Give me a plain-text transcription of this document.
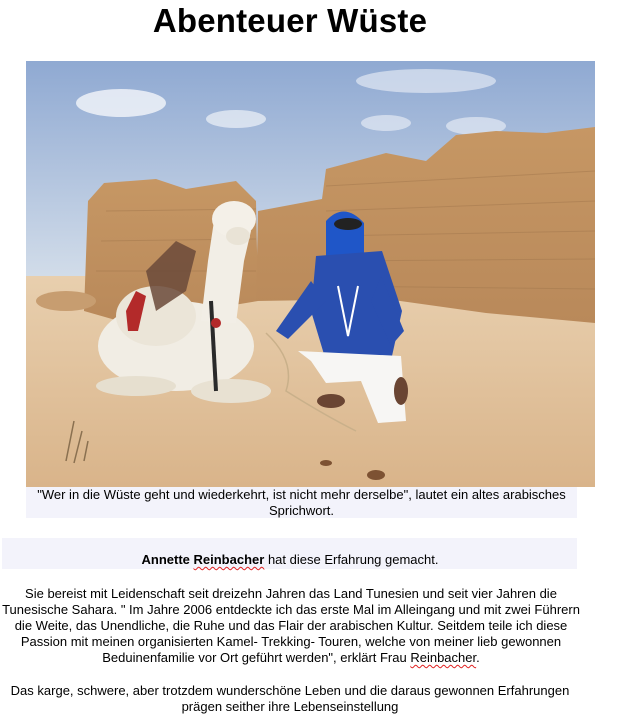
Abenteuer Wüste
"Wer in die Wüste geht und wiederkehrt, ist nicht mehr derselbe", lautet ein altes arabisches Sprichwort.
Annette Reinbacher hat diese Erfahrung gemacht.
Sie bereist mit Leidenschaft seit dreizehn Jahren das Land Tunesien und seit vier Jahren die Tunesische Sahara. " Im Jahre 2006 entdeckte ich das erste Mal im Alleingang und mit zwei Führern die Weite, das Unendliche, die Ruhe und das Flair der arabischen Kultur. Seitdem teile ich diese Passion mit meinen organisierten Kamel- Trekking- Touren, welche von meiner lieb gewonnen Beduinenfamilie vor Ort geführt werden", erklärt Frau Reinbacher.
Das karge, schwere, aber trotzdem wunderschöne Leben und die daraus gewonnen Erfahrungen prägen seither ihre Lebenseinstellung
